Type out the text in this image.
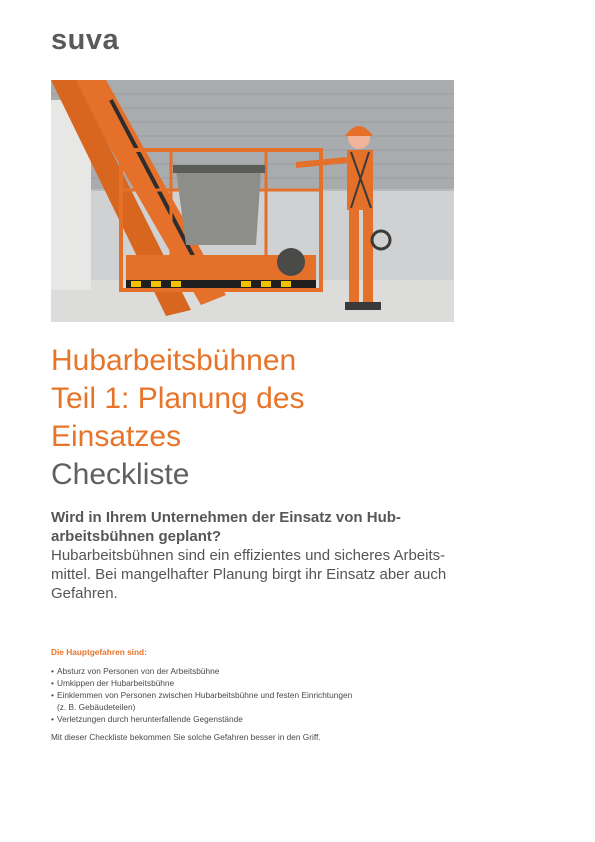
suva
Hubarbeitsbühnen
Teil 1: Planung des
Einsatzes
Checkliste
Wird in Ihrem Unternehmen der Einsatz von Hubarbeitsbühnen geplant?
Hubarbeitsbühnen sind ein effizientes und sicheres Arbeitsmittel. Bei mangelhafter Planung birgt ihr Einsatz aber auch Gefahren.
Die Hauptgefahren sind:
• Absturz von Personen von der Arbeitsbühne
• Umkippen der Hubarbeitsbühne
• Einklemmen von Personen zwischen Hubarbeitsbühne und festen Einrichtungen
(z. B. Gebäudeteilen)
• Verletzungen durch herunterfallende Gegenstände
Mit dieser Checkliste bekommen Sie solche Gefahren besser in den Griff.
